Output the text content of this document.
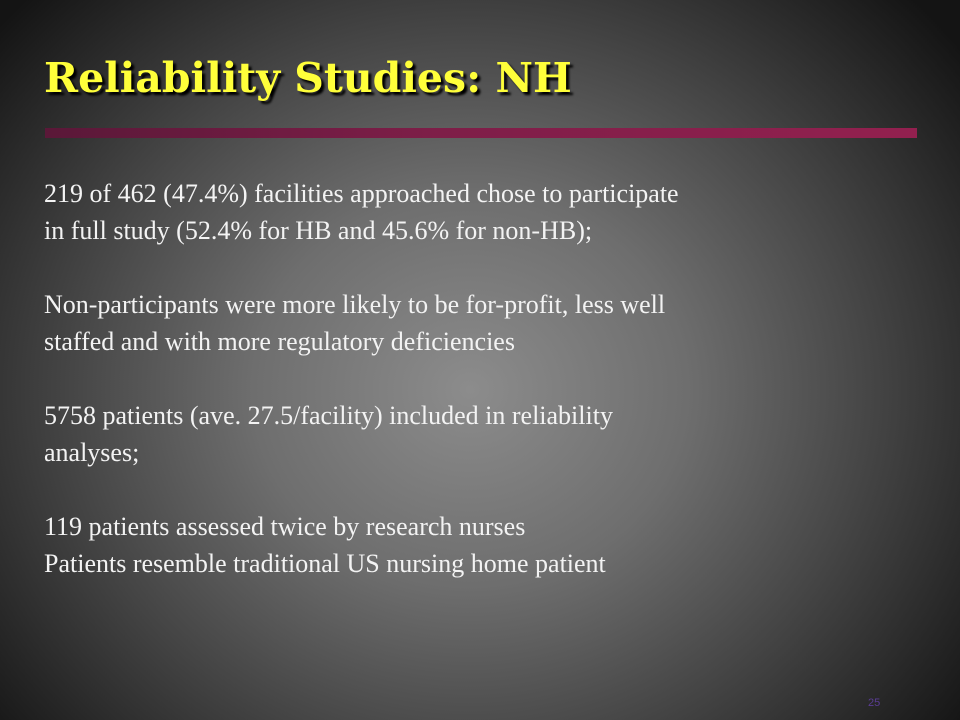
Reliability Studies: NH

219 of 462 (47.4%) facilities approached chose to participate
in full study (52.4% for HB and 45.6% for non-HB);

Non-participants were more likely to be for-profit, less well
staffed and with more regulatory deficiencies

5758 patients (ave. 27.5/facility) included in reliability
analyses;

119 patients assessed twice by research nurses
Patients resemble traditional US nursing home patient

25
